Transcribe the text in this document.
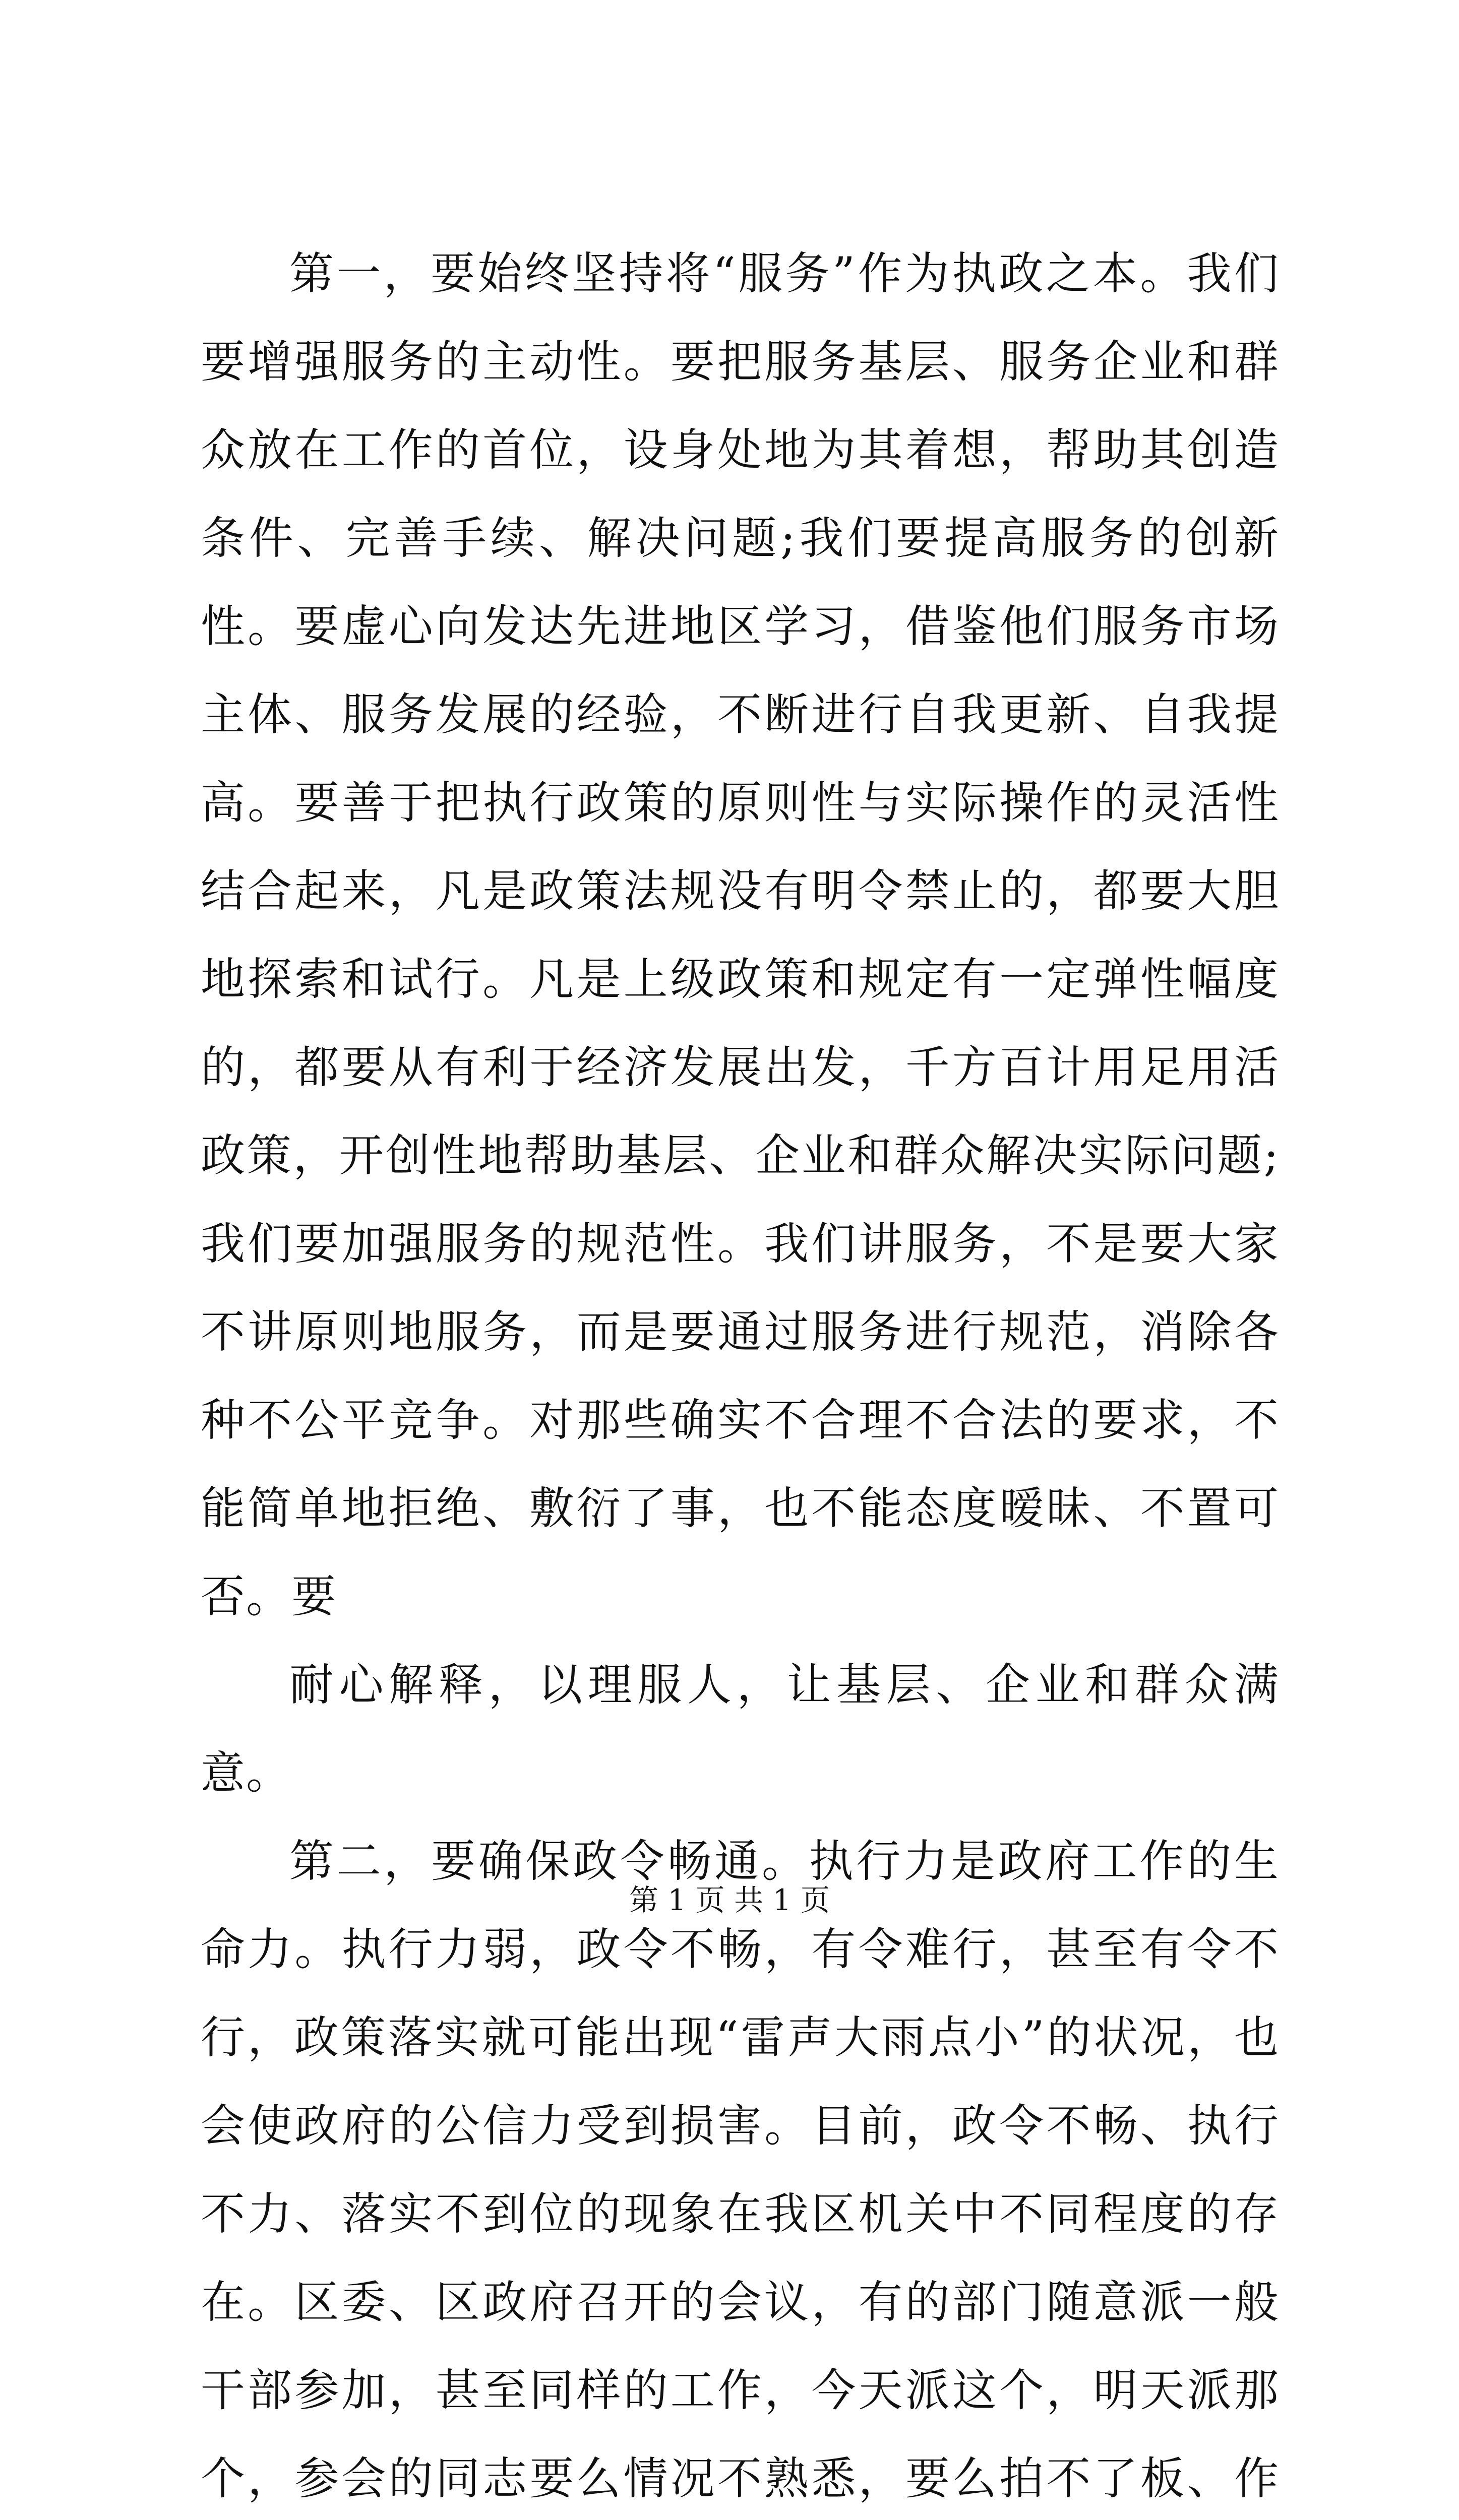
第一，要始终坚持将“服务”作为执政之本。我们要增强服务的主动性。要把服务基层、服务企业和群众放在工作的首位，设身处地为其着想，帮助其创造条件、完善手续、解决问题;我们要提高服务的创新性。要虚心向发达先进地区学习，借鉴他们服务市场主体、服务发展的经验，不断进行自我更新、自我提高。要善于把执行政策的原则性与实际操作的灵活性结合起来，凡是政策法规没有明令禁止的，都要大胆地探索和试行。凡是上级政策和规定有一定弹性幅度的，都要从有利于经济发展出发，千方百计用足用活政策，开创性地帮助基层、企业和群众解决实际问题;我们要加强服务的规范性。我们讲服务，不是要大家不讲原则地服务，而是要通过服务进行规范，消除各种不公平竞争。对那些确实不合理不合法的要求，不能简单地拒绝、敷衍了事，也不能态度暧昧、不置可否。要

耐心解释，以理服人，让基层、企业和群众满意。

第二，要确保政令畅通。执行力是政府工作的生命力。执行力弱，政令不畅，有令难行，甚至有令不行，政策落实就可能出现“雷声大雨点小”的状况，也会使政府的公信力受到损害。目前，政令不畅、执行不力、落实不到位的现象在我区机关中不同程度的存在。区委、区政府召开的会议，有的部门随意派一般干部参加，甚至同样的工作，今天派这个，明天派那个，参会的同志要么情况不熟悉，要么拍不了板、作

第 1 页 共 1 页
